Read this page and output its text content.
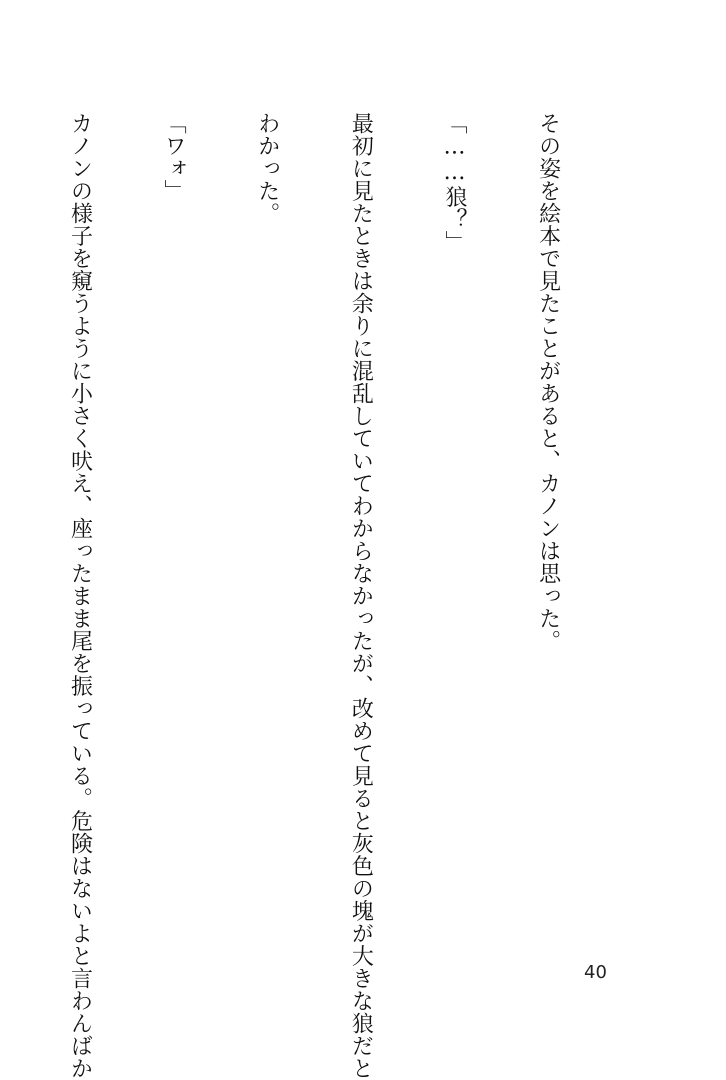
その姿を絵本で見たことがあると、カノンは思った。

「……狼？」

最初に見たときは余りに混乱していてわからなかったが、改めて見ると灰色の塊が大きな狼だと

わかった。

「ワォ」

カノンの様子を窺うように小さく吠え、座ったまま尾を振っている。危険はないよと言わんばか

	40
